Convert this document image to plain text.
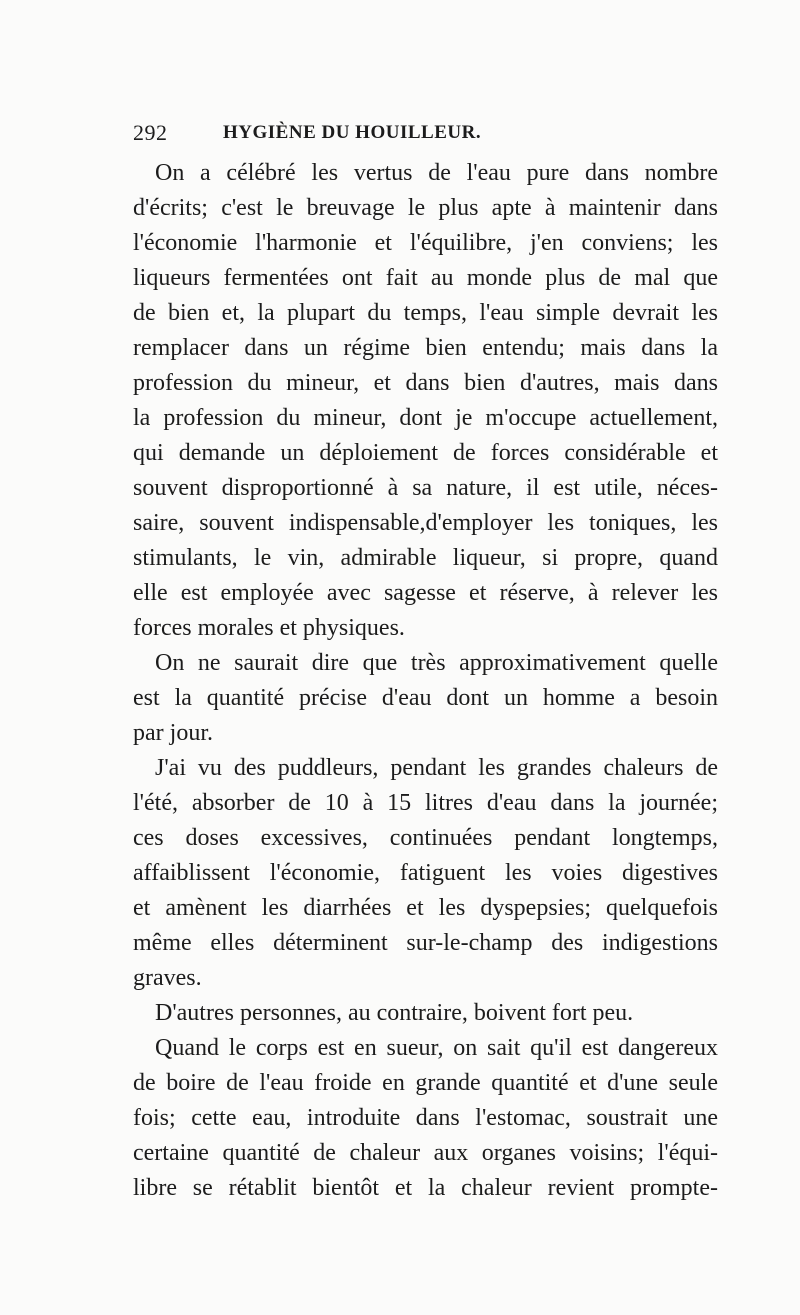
292	HYGIÈNE DU HOUILLEUR.
On a célébré les vertus de l'eau pure dans nombre
d'écrits; c'est le breuvage le plus apte à maintenir dans
l'économie l'harmonie et l'équilibre, j'en conviens; les
liqueurs fermentées ont fait au monde plus de mal que
de bien et, la plupart du temps, l'eau simple devrait les
remplacer dans un régime bien entendu; mais dans la
profession du mineur, et dans bien d'autres, mais dans
la profession du mineur, dont je m'occupe actuellement,
qui demande un déploiement de forces considérable et
souvent disproportionné à sa nature, il est utile, néces-
saire, souvent indispensable,d'employer les toniques, les
stimulants, le vin, admirable liqueur, si propre, quand
elle est employée avec sagesse et réserve, à relever les
forces morales et physiques.
On ne saurait dire que très approximativement quelle
est la quantité précise d'eau dont un homme a besoin
par jour.
J'ai vu des puddleurs, pendant les grandes chaleurs de
l'été, absorber de 10 à 15 litres d'eau dans la journée;
ces doses excessives, continuées pendant longtemps,
affaiblissent l'économie, fatiguent les voies digestives
et amènent les diarrhées et les dyspepsies; quelquefois
même elles déterminent sur-le-champ des indigestions
graves.
D'autres personnes, au contraire, boivent fort peu.
Quand le corps est en sueur, on sait qu'il est dangereux
de boire de l'eau froide en grande quantité et d'une seule
fois; cette eau, introduite dans l'estomac, soustrait une
certaine quantité de chaleur aux organes voisins; l'équi-
libre se rétablit bientôt et la chaleur revient prompte-
